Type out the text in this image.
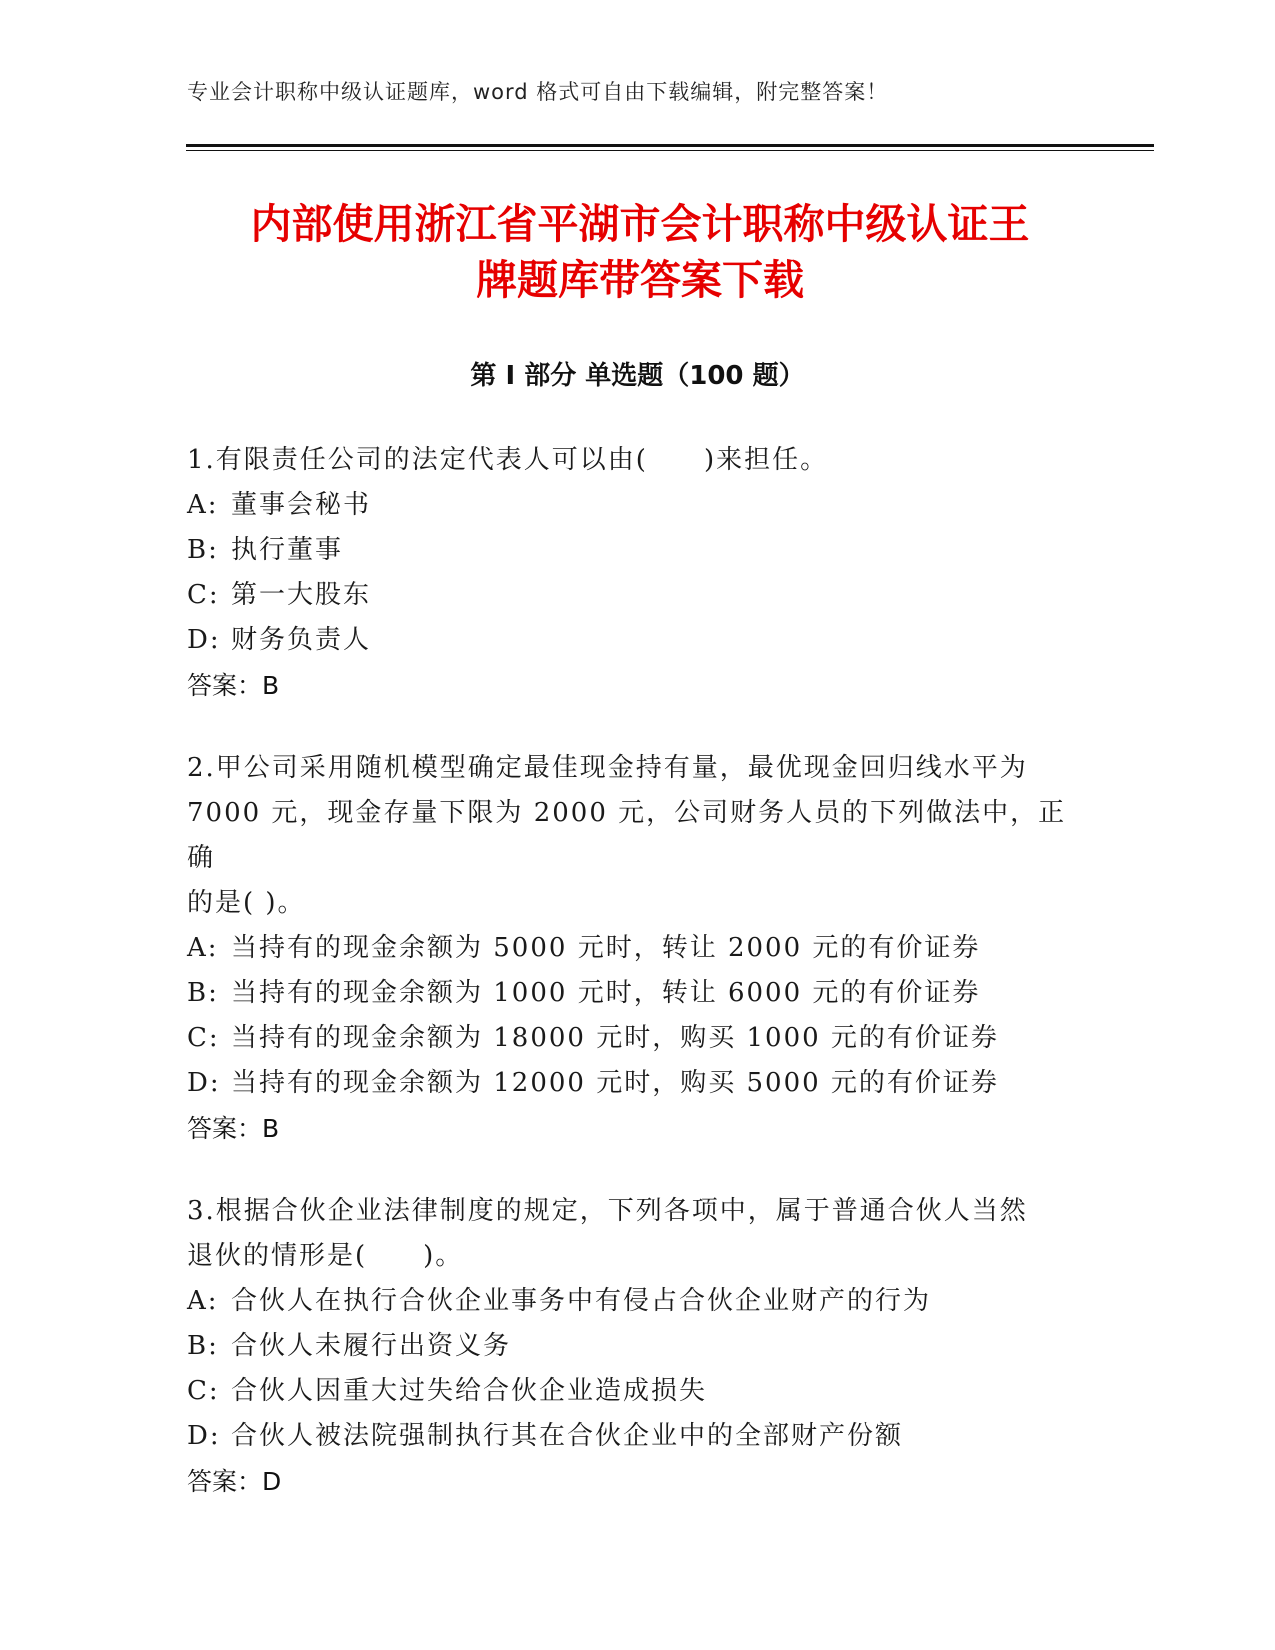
专业会计职称中级认证题库，word 格式可自由下载编辑，附完整答案！
内部使用浙江省平湖市会计职称中级认证王
牌题库带答案下载
第 I 部分 单选题（100 题）

1.有限责任公司的法定代表人可以由(　　)来担任。

A: 董事会秘书

B: 执行董事

C: 第一大股东

D: 财务负责人

答案：B

2.甲公司采用随机模型确定最佳现金持有量，最优现金回归线水平为

7000 元，现金存量下限为 2000 元，公司财务人员的下列做法中，正确

的是( )。

A: 当持有的现金余额为 5000 元时，转让 2000 元的有价证券

B: 当持有的现金余额为 1000 元时，转让 6000 元的有价证券

C: 当持有的现金余额为 18000 元时，购买 1000 元的有价证券

D: 当持有的现金余额为 12000 元时，购买 5000 元的有价证券

答案：B

3.根据合伙企业法律制度的规定，下列各项中，属于普通合伙人当然

退伙的情形是(　　)。

A: 合伙人在执行合伙企业事务中有侵占合伙企业财产的行为

B: 合伙人未履行出资义务

C: 合伙人因重大过失给合伙企业造成损失

D: 合伙人被法院强制执行其在合伙企业中的全部财产份额

答案：D
